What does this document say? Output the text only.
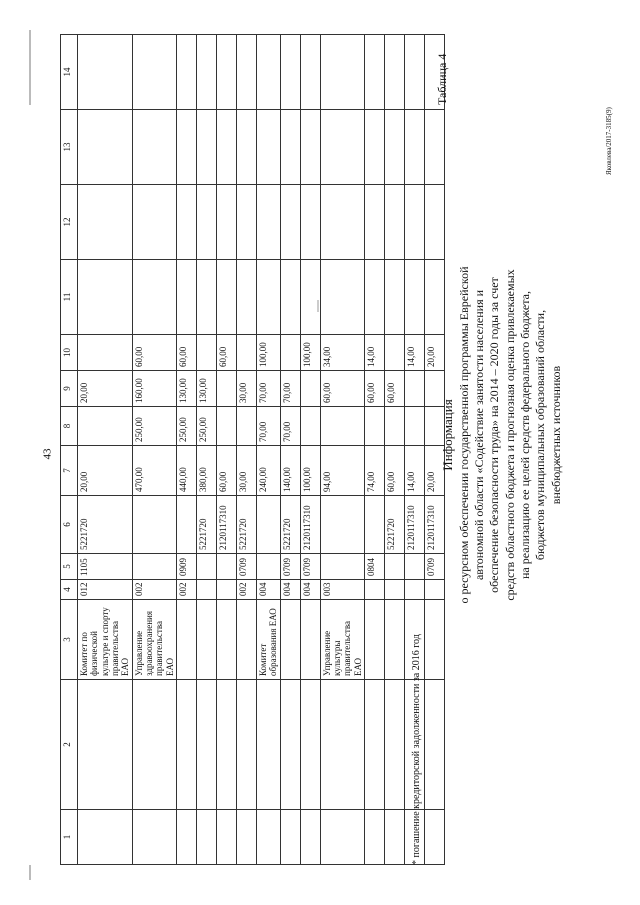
43
1	2	3	4	5	6	7	8	9	10	11	12	13	14
		Комитет по физической культуре и спорту правительства ЕАО	012	1105	5221720	20,00		20,00					
		Управление здравоохранения правительства ЕАО	002			470,00	250,00	160,00	60,00				
			002	0909		440,00	250,00	130,00	60,00				
					5221720	380,00	250,00	130,00					
					2120117310	60,00			60,00				
			002	0709	5221720	30,00		30,00					
		Комитет образования ЕАО	004			240,00	70,00	70,00	100,00				
			004	0709	5221720	140,00	70,00	70,00					
			004	0709	2120117310	100,00			100,00				
		Управление культуры правительства ЕАО	003			94,00		60,00	34,00				
				0804		74,00		60,00	14,00				
					5221720	60,00		60,00					
					2120117310	14,00			14,00				
				0709	2120117310	20,00			20,00				
* погашение кредиторской задолженности за 2016 год
Таблица 4
Информация о ресурсном обеспечении государственной программы Еврейской автономной области «Содействие занятости населения и обеспечение безопасности труда» на 2014 – 2020 годы за счет средств областного бюджета и прогнозная оценка привлекаемых на реализацию ее целей средств федерального бюджета, бюджетов муниципальных образований области, внебюджетных источников
Яковлева/2017-3185(9)
